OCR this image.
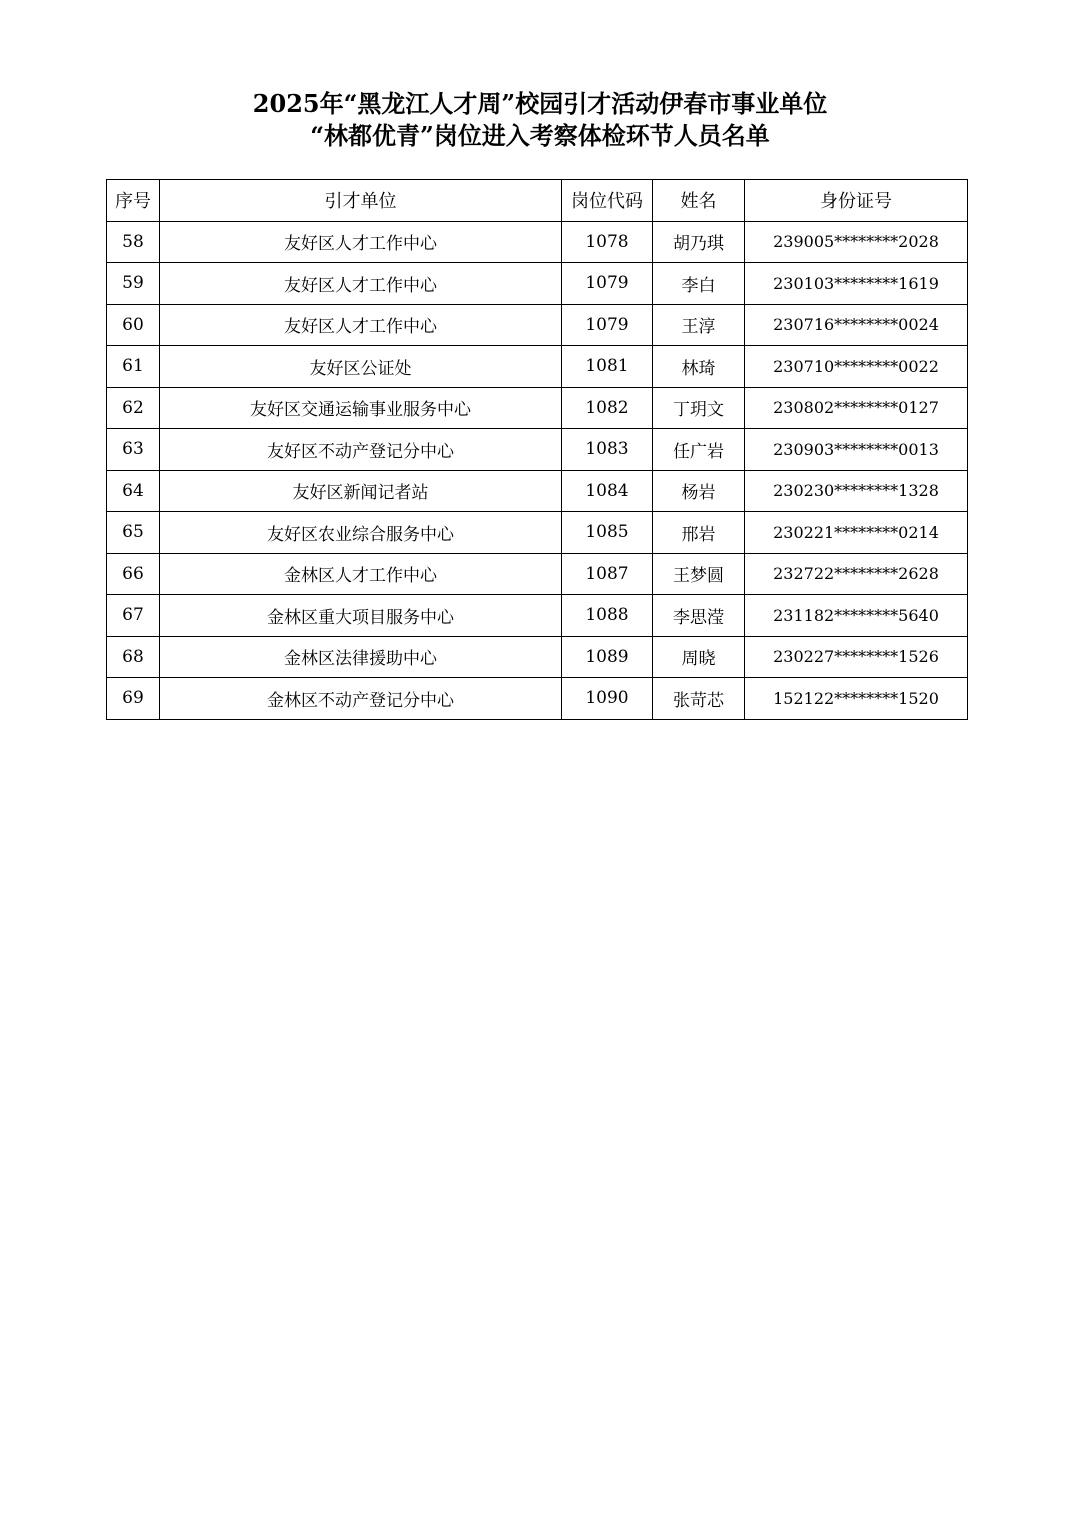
2025年“黑龙江人才周”校园引才活动伊春市事业单位
“林都优青”岗位进入考察体检环节人员名单
序号	引才单位	岗位代码	姓名	身份证号
58	友好区人才工作中心	1078	胡乃琪	239005********2028
59	友好区人才工作中心	1079	李白	230103********1619
60	友好区人才工作中心	1079	王淳	230716********0024
61	友好区公证处	1081	林琦	230710********0022
62	友好区交通运输事业服务中心	1082	丁玥文	230802********0127
63	友好区不动产登记分中心	1083	任广岩	230903********0013
64	友好区新闻记者站	1084	杨岩	230230********1328
65	友好区农业综合服务中心	1085	邢岩	230221********0214
66	金林区人才工作中心	1087	王梦圆	232722********2628
67	金林区重大项目服务中心	1088	李思滢	231182********5640
68	金林区法律援助中心	1089	周晓	230227********1526
69	金林区不动产登记分中心	1090	张苛芯	152122********1520
